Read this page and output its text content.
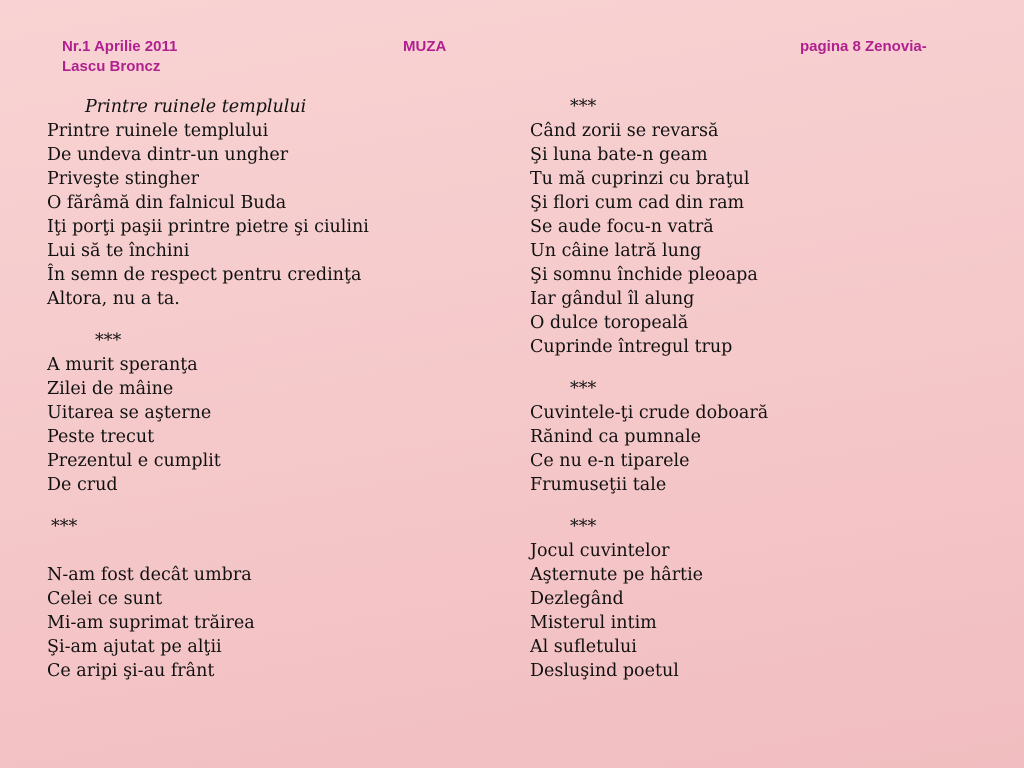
Nr.1 Aprilie 2011	MUZA	pagina 8 Zenovia-
Lascu Broncz
Printre ruinele templului
Printre ruinele templului
De undeva dintr-un ungher
Priveşte stingher
O fărâmă din falnicul Buda
Iţi porţi paşii printre pietre şi ciulini
Lui să te închini
În semn de respect pentru credinţa
Altora, nu a ta.
***
A murit speranţa
Zilei de mâine
Uitarea se aşterne
Peste trecut
Prezentul e cumplit
De crud
***
N-am fost decât umbra
Celei ce sunt
Mi-am suprimat trăirea
Şi-am ajutat pe alţii
Ce aripi şi-au frânt
***
Când zorii se revarsă
Şi luna bate-n geam
Tu mă cuprinzi cu braţul
Şi flori cum cad din ram
Se aude focu-n vatră
Un câine latră lung
Şi somnu închide pleoapa
Iar gândul îl alung
O dulce toropeală
Cuprinde întregul trup
***
Cuvintele-ţi crude doboară
Rănind ca pumnale
Ce nu e-n tiparele
Frumuseţii tale
***
Jocul cuvintelor
Aşternute pe hârtie
Dezlegând
Misterul intim
Al sufletului
Desluşind poetul
